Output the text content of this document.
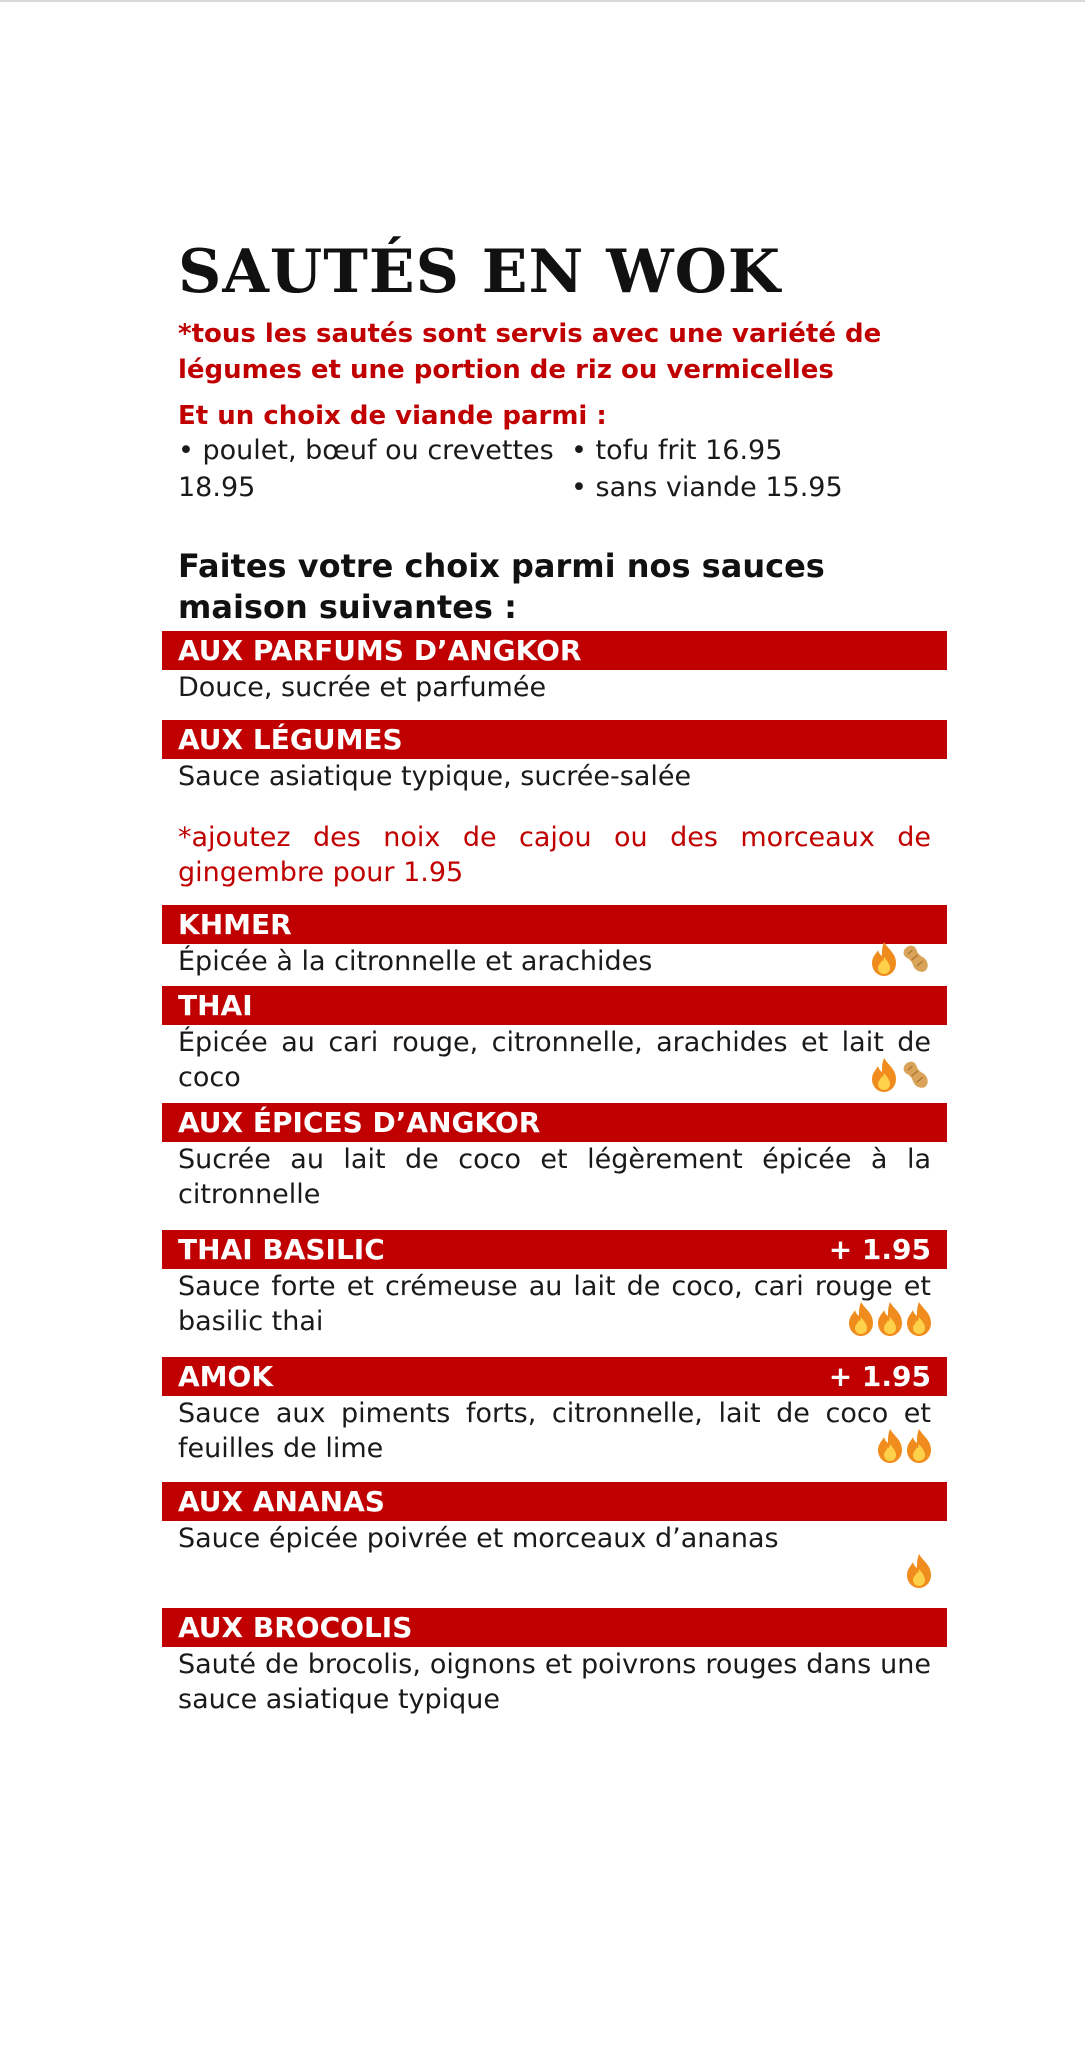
SAUTÉS EN WOK
*tous les sautés sont servis avec une variété de légumes et une portion de riz ou vermicelles
Et un choix de viande parmi :
• poulet, bœuf ou crevettes 18.95
• tofu frit 16.95
• sans viande 15.95
Faites votre choix parmi nos sauces maison suivantes :
AUX PARFUMS D’ANGKOR

Douce, sucrée et parfumée

AUX LÉGUMES

Sauce asiatique typique, sucrée-salée

*ajoutez des noix de cajou ou des morceaux de gingembre pour 1.95
KHMER

Épicée à la citronnelle et arachides

THAI

Épicée au cari rouge, citronnelle, arachides et lait de coco

AUX ÉPICES D’ANGKOR

Sucrée au lait de coco et légèrement épicée à la citronnelle

THAI BASILIC	+ 1.95

Sauce forte et crémeuse au lait de coco, cari rouge et basilic thai

AMOK	+ 1.95

Sauce aux piments forts, citronnelle, lait de coco et feuilles de lime

AUX ANANAS

Sauce épicée poivrée et morceaux d’ananas

AUX BROCOLIS

Sauté de brocolis, oignons et poivrons rouges dans une sauce asiatique typique
